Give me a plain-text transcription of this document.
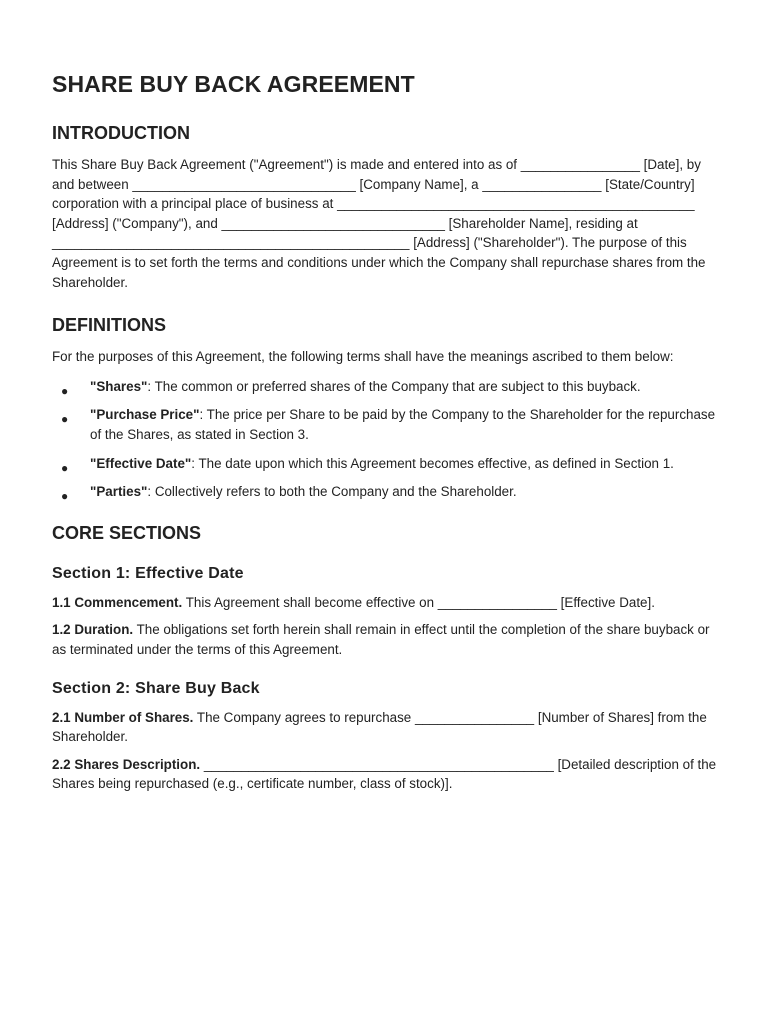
SHARE BUY BACK AGREEMENT
INTRODUCTION

This Share Buy Back Agreement ("Agreement") is made and entered into as of ________________ [Date], by and between ______________________________ [Company Name], a ________________ [State/Country] corporation with a principal place of business at ________________________________________________ [Address] ("Company"), and ______________________________ [Shareholder Name], residing at ________________________________________________ [Address] ("Shareholder"). The purpose of this Agreement is to set forth the terms and conditions under which the Company shall repurchase shares from the Shareholder.

DEFINITIONS

For the purposes of this Agreement, the following terms shall have the meanings ascribed to them below:

● "Shares": The common or preferred shares of the Company that are subject to this buyback.
● "Purchase Price": The price per Share to be paid by the Company to the Shareholder for the repurchase of the Shares, as stated in Section 3.
● "Effective Date": The date upon which this Agreement becomes effective, as defined in Section 1.
● "Parties": Collectively refers to both the Company and the Shareholder.
CORE SECTIONS
Section 1: Effective Date

1.1 Commencement. This Agreement shall become effective on ________________ [Effective Date].

1.2 Duration. The obligations set forth herein shall remain in effect until the completion of the share buyback or as terminated under the terms of this Agreement.

Section 2: Share Buy Back

2.1 Number of Shares. The Company agrees to repurchase ________________ [Number of Shares] from the Shareholder.

2.2 Shares Description. _______________________________________________ [Detailed description of the Shares being repurchased (e.g., certificate number, class of stock)].
